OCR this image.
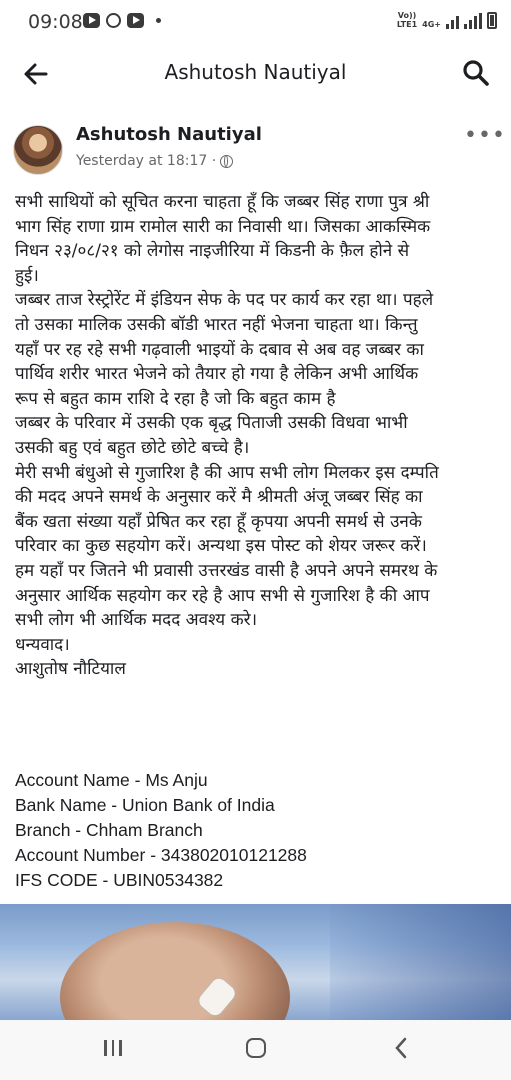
09:08	Vo))
LTE1 4G+
Ashutosh Nautiyal
Ashutosh Nautiyal
Yesterday at 18:17 ·
•••
सभी साथियों को सूचित करना चाहता हूँ कि जब्बर सिंह राणा पुत्र श्री
भाग सिंह राणा ग्राम रामोल सारी का निवासी था। जिसका आकस्मिक
निधन २३/०८/२१ को लेगोस नाइजीरिया में किडनी के फ़ैल होने से
हुई।
जब्बर ताज रेस्ट्रोरेंट में इंडियन सेफ के पद पर कार्य कर रहा था। पहले
तो उसका मालिक उसकी बॉडी भारत नहीं भेजना चाहता था। किन्तु
यहाँ पर रह रहे सभी गढ़वाली भाइयों के दबाव से अब वह जब्बर का
पार्थिव शरीर भारत भेजने को तैयार हो गया है लेकिन अभी आर्थिक
रूप से बहुत काम राशि दे रहा है जो कि बहुत काम है
जब्बर के परिवार में उसकी एक बृद्ध पिताजी उसकी विधवा भाभी
उसकी बहु एवं बहुत छोटे छोटे बच्चे है।
मेरी सभी बंधुओ से गुजारिश है की आप सभी लोग मिलकर इस दम्पति
की मदद अपने समर्थ के अनुसार करें मै श्रीमती अंजू जब्बर सिंह का
बैंक खता संख्या यहाँ प्रेषित कर रहा हूँ कृपया अपनी समर्थ से उनके
परिवार का कुछ सहयोग करें। अन्यथा इस पोस्ट को शेयर जरूर करें।
हम यहाँ पर जितने भी प्रवासी उत्तरखंड वासी है अपने अपने समरथ के
अनुसार आर्थिक सहयोग कर रहे है आप सभी से गुजारिश है की आप
सभी लोग भी आर्थिक मदद अवश्य करे।
धन्यवाद।
आशुतोष नौटियाल
Account Name - Ms Anju
Bank Name - Union Bank of India
Branch - Chham Branch
Account Number - 343802010121288
IFS CODE - UBIN0534382
